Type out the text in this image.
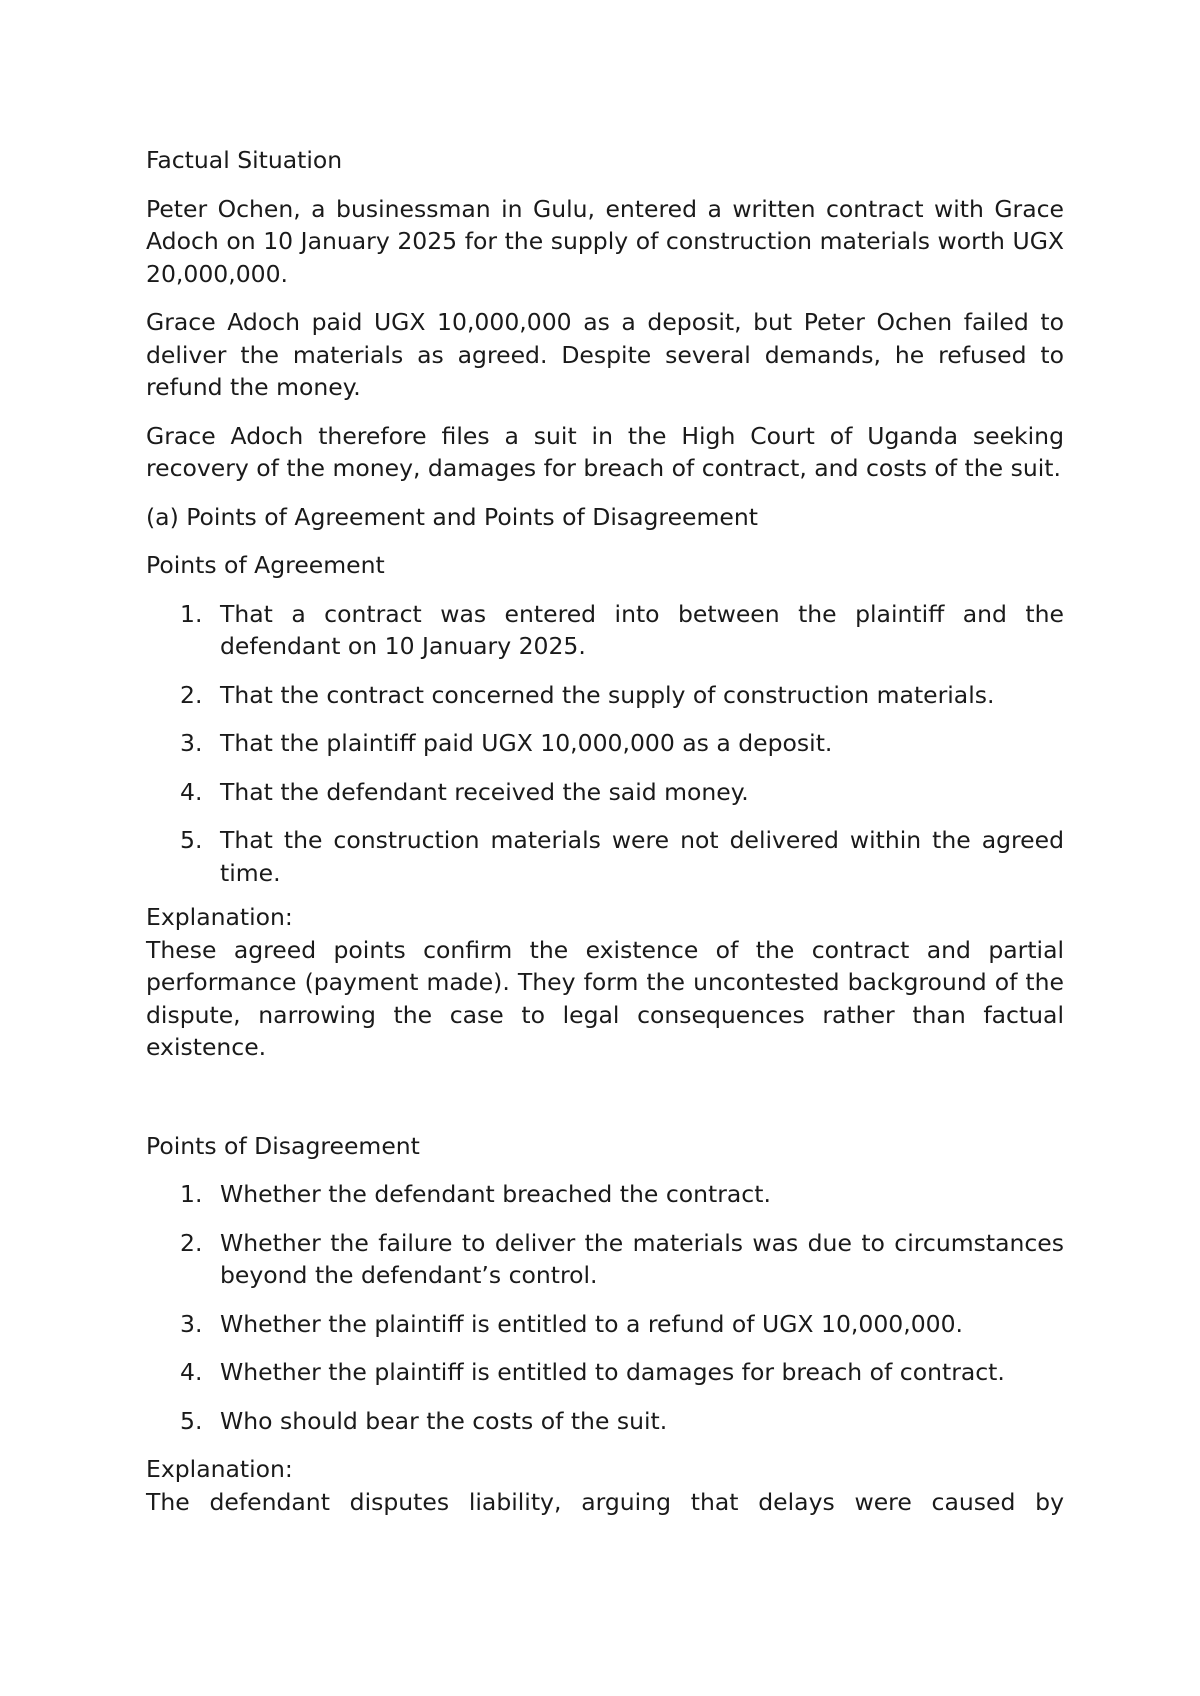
Factual Situation

Peter Ochen, a businessman in Gulu, entered a written contract with Grace Adoch on 10 January 2025 for the supply of construction materials worth UGX 20,000,000.

Grace Adoch paid UGX 10,000,000 as a deposit, but Peter Ochen failed to deliver the materials as agreed. Despite several demands, he refused to refund the money.

Grace Adoch therefore files a suit in the High Court of Uganda seeking recovery of the money, damages for breach of contract, and costs of the suit.

(a) Points of Agreement and Points of Disagreement

Points of Agreement

1. That a contract was entered into between the plaintiff and the defendant on 10 January 2025.
2. That the contract concerned the supply of construction materials.
3. That the plaintiff paid UGX 10,000,000 as a deposit.
4. That the defendant received the said money.
5. That the construction materials were not delivered within the agreed time.

Explanation:

These agreed points confirm the existence of the contract and partial performance (payment made). They form the uncontested background of the dispute, narrowing the case to legal consequences rather than factual existence.

Points of Disagreement

1. Whether the defendant breached the contract.
2. Whether the failure to deliver the materials was due to circumstances beyond the defendant’s control.
3. Whether the plaintiff is entitled to a refund of UGX 10,000,000.
4. Whether the plaintiff is entitled to damages for breach of contract.
5. Who should bear the costs of the suit.

Explanation:

The defendant disputes liability, arguing that delays were caused by
